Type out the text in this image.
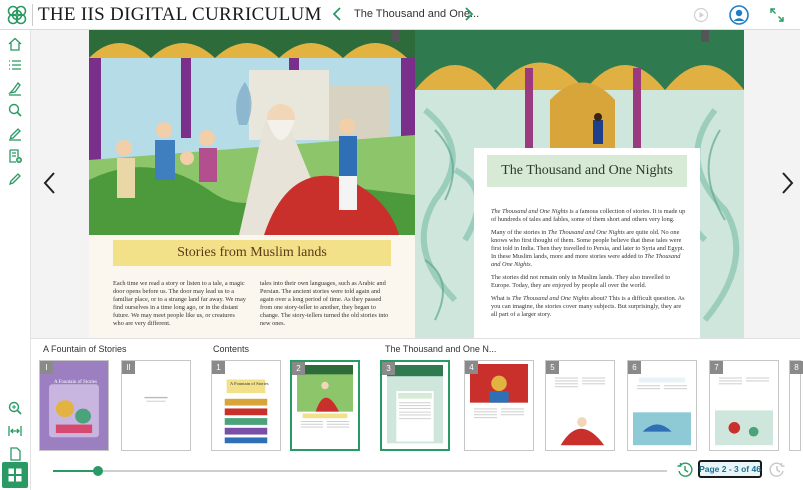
THE IIS DIGITAL CURRICULUM	The Thousand and One...
Stories from Muslim lands
Each time we read a story or listen to a tale, a magic door opens before us. The door may lead us to a familiar place, or to a strange land far away. We may find ourselves in a time long ago, or in the distant future. We may meet people like us, or creatures who are very different.
tales into their own languages, such as Arabic and Persian. The ancient stories were told again and again over a long period of time. As they passed from one story-teller to another, they began to change. The story-tellers turned the old stories into new ones.
The Thousand and One Nights

The Thousand and One Nights is a famous collection of stories. It is made up of hundreds of tales and fables, some of them short and others very long.

Many of the stories in The Thousand and One Nights are quite old. No one knows who first thought of them. Some people believe that these tales were first told in India. Then they travelled to Persia, and later to Syria and Egypt. In these Muslim lands, more and more stories were added to The Thousand and One Nights.

The stories did not remain only in Muslim lands. They also travelled to Europe. Today, they are enjoyed by people all over the world.

What is The Thousand and One Nights about? This is a difficult question. As you can imagine, the stories cover many subjects. But surprisingly, they are all part of a larger story.

A Fountain of Stories	Contents	The Thousand and One N...
I
A Fountain of Stories
II	1
A Fountain of Stories
2	3	4	5	6	7	8
Page 2 - 3 of 46
